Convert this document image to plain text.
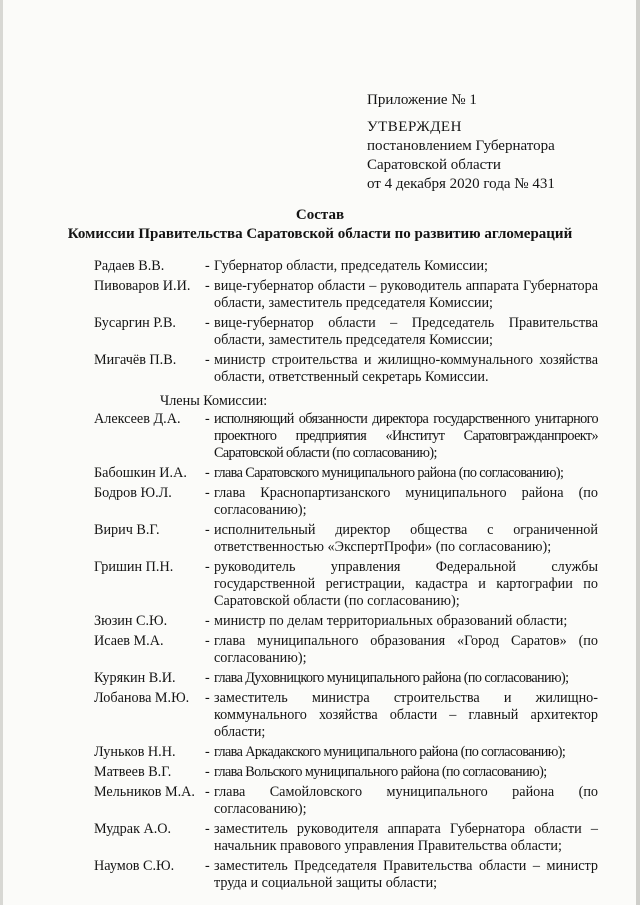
Приложение № 1
УТВЕРЖДЕН
постановлением Губернатора
Саратовской области
от 4 декабря 2020 года № 431
Состав
Комиссии Правительства Саратовской области по развитию агломераций
Радаев В.В.	- Губернатор области, председатель Комиссии;
Пивоваров И.И.	- вице-губернатор области – руководитель аппарата Губернатора области, заместитель председателя Комиссии;
Бусаргин Р.В.	- вице-губернатор области – Председатель Правительства области, заместитель председателя Комиссии;
Мигачёв П.В.	- министр строительства и жилищно-коммунального хозяйства области, ответственный секретарь Комиссии.
Члены Комиссии:
Алексеев Д.А.	- исполняющий обязанности директора государственного унитарного проектного предприятия «Институт Саратовгражданпроект» Саратовской области (по согласованию);
Бабошкин И.А.	- глава Саратовского муниципального района (по согласованию);
Бодров Ю.Л.	- глава Краснопартизанского муниципального района (по согласованию);
Вирич В.Г.	- исполнительный директор общества с ограниченной ответственностью «ЭкспертПрофи» (по согласованию);
Гришин П.Н.	- руководитель управления Федеральной службы государственной регистрации, кадастра и картографии по Саратовской области (по согласованию);
Зюзин С.Ю.	- министр по делам территориальных образований области;
Исаев М.А.	- глава муниципального образования «Город Саратов» (по согласованию);
Курякин В.И.	- глава Духовницкого муниципального района (по согласованию);
Лобанова М.Ю.	- заместитель министра строительства и жилищно-коммунального хозяйства области – главный архитектор области;
Луньков Н.Н.	- глава Аркадакского муниципального района (по согласованию);
Матвеев В.Г.	- глава Вольского муниципального района (по согласованию);
Мельников М.А. - глава Самойловского муниципального района (по согласованию);
Мудрак А.О.	- заместитель руководителя аппарата Губернатора области – начальник правового управления Правительства области;
Наумов С.Ю.	- заместитель Председателя Правительства области – министр труда и социальной защиты области;
